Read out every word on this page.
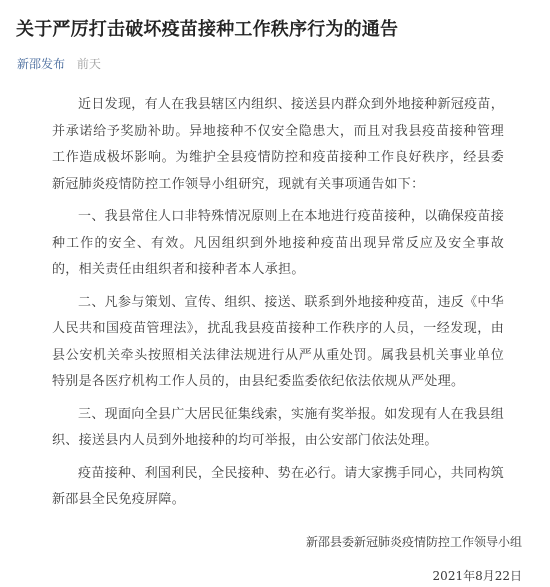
关于严厉打击破坏疫苗接种工作秩序行为的通告
新邵发布 前天

近日发现，有人在我县辖区内组织、接送县内群众到外地接种新冠疫苗，并承诺给予奖励补助。异地接种不仅安全隐患大，而且对我县疫苗接种管理工作造成极坏影响。为维护全县疫情防控和疫苗接种工作良好秩序，经县委新冠肺炎疫情防控工作领导小组研究，现就有关事项通告如下：

一、我县常住人口非特殊情况原则上在本地进行疫苗接种，以确保疫苗接种工作的安全、有效。凡因组织到外地接种疫苗出现异常反应及安全事故的，相关责任由组织者和接种者本人承担。

二、凡参与策划、宣传、组织、接送、联系到外地接种疫苗，违反《中华人民共和国疫苗管理法》，扰乱我县疫苗接种工作秩序的人员，一经发现，由县公安机关牵头按照相关法律法规进行从严从重处罚。属我县机关事业单位特别是各医疗机构工作人员的，由县纪委监委依纪依法依规从严处理。

三、现面向全县广大居民征集线索，实施有奖举报。如发现有人在我县组织、接送县内人员到外地接种的均可举报，由公安部门依法处理。

疫苗接种、利国利民，全民接种、势在必行。请大家携手同心，共同构筑新邵县全民免疫屏障。

新邵县委新冠肺炎疫情防控工作领导小组
2021年8月22日
